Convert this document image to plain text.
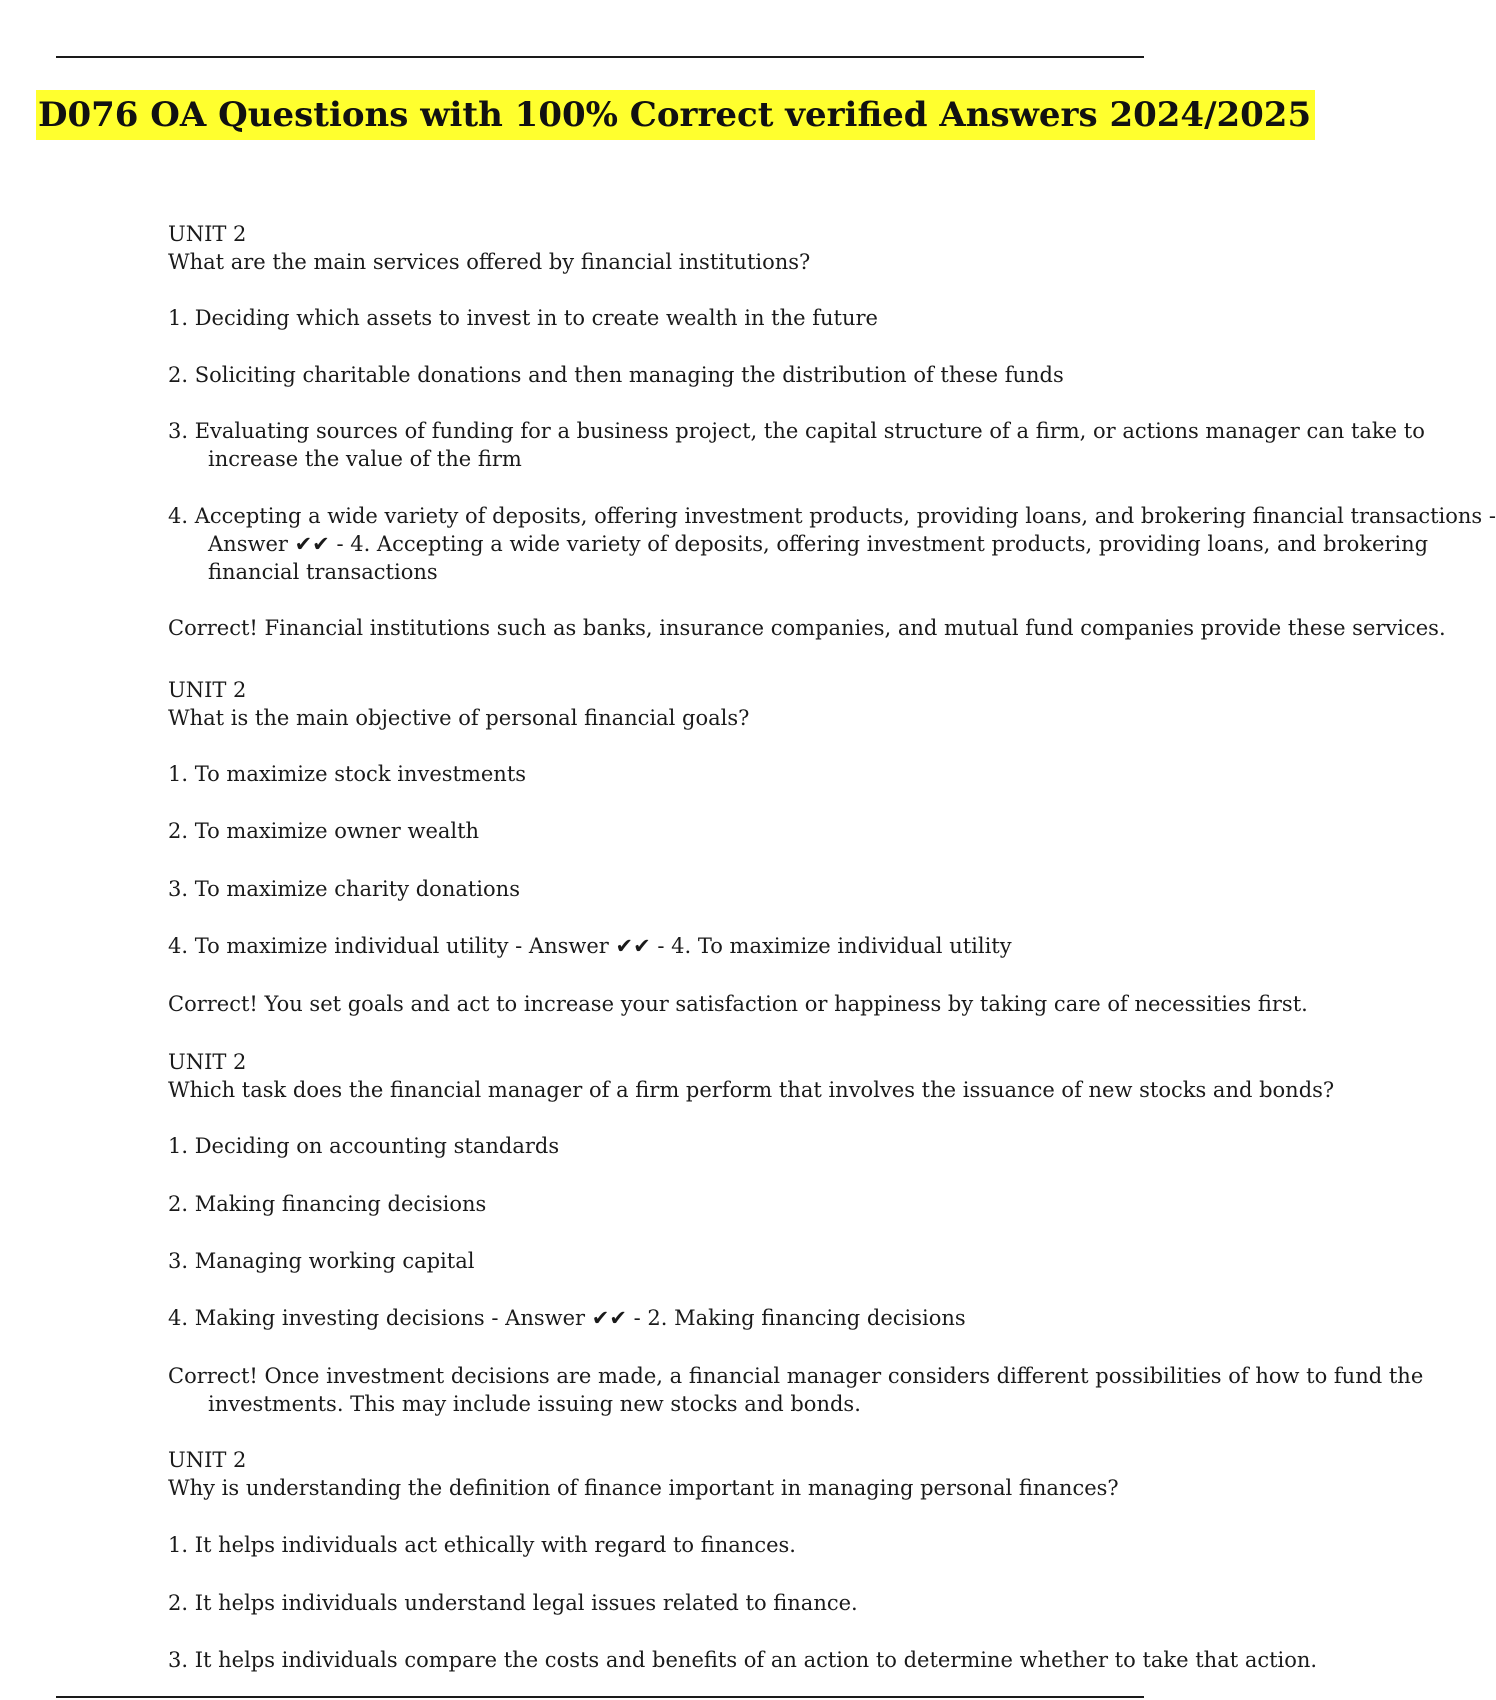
D076 OA Questions with 100% Correct verified Answers 2024/2025
UNIT 2
What are the main services offered by financial institutions?
1. Deciding which assets to invest in to create wealth in the future
2. Soliciting charitable donations and then managing the distribution of these funds
3. Evaluating sources of funding for a business project, the capital structure of a firm, or actions manager can take to
increase the value of the firm
4. Accepting a wide variety of deposits, offering investment products, providing loans, and brokering financial transactions -
Answer ✔✔ - 4. Accepting a wide variety of deposits, offering investment products, providing loans, and brokering
financial transactions
Correct! Financial institutions such as banks, insurance companies, and mutual fund companies provide these services.
UNIT 2
What is the main objective of personal financial goals?
1. To maximize stock investments
2. To maximize owner wealth
3. To maximize charity donations
4. To maximize individual utility - Answer ✔✔ - 4. To maximize individual utility
Correct! You set goals and act to increase your satisfaction or happiness by taking care of necessities first.
UNIT 2
Which task does the financial manager of a firm perform that involves the issuance of new stocks and bonds?
1. Deciding on accounting standards
2. Making financing decisions
3. Managing working capital
4. Making investing decisions - Answer ✔✔ - 2. Making financing decisions
Correct! Once investment decisions are made, a financial manager considers different possibilities of how to fund the
investments. This may include issuing new stocks and bonds.
UNIT 2
Why is understanding the definition of finance important in managing personal finances?
1. It helps individuals act ethically with regard to finances.
2. It helps individuals understand legal issues related to finance.
3. It helps individuals compare the costs and benefits of an action to determine whether to take that action.
